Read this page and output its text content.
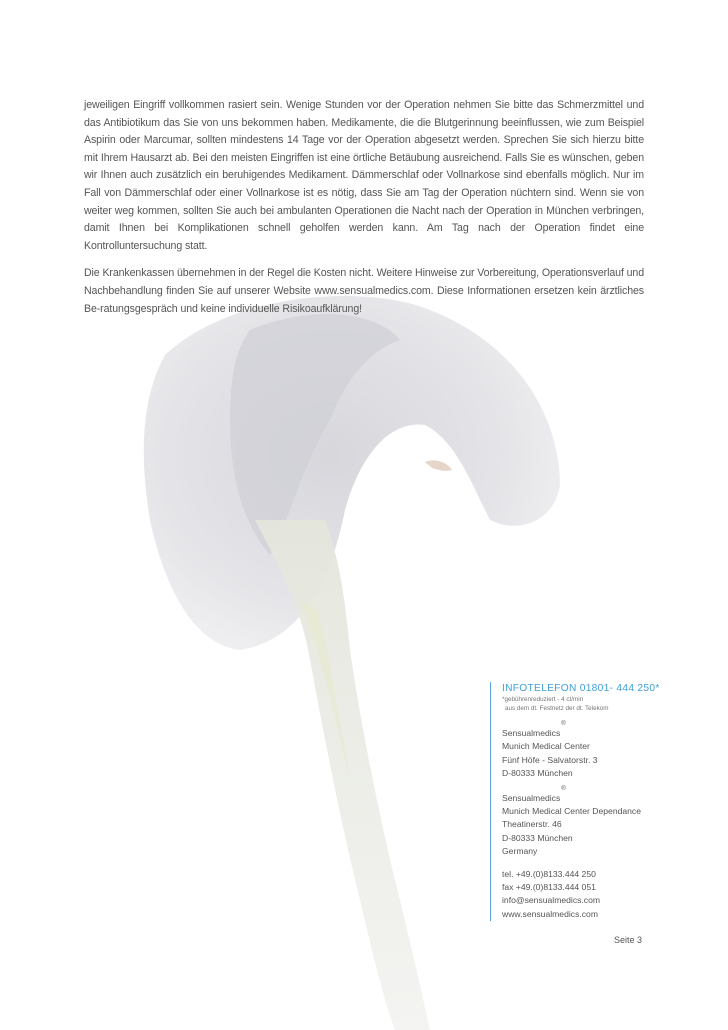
jeweiligen Eingriff vollkommen rasiert sein. Wenige Stunden vor der Operation nehmen Sie bitte das Schmerzmittel und das Antibiotikum das Sie von uns bekommen haben. Medikamente, die die Blutgerinnung beeinflussen, wie zum Beispiel Aspirin oder Marcumar, sollten mindestens 14 Tage vor der Operation abgesetzt werden. Sprechen Sie sich hierzu bitte mit Ihrem Hausarzt ab. Bei den meisten Eingriffen ist eine örtliche Betäubung ausreichend. Falls Sie es wünschen, geben wir Ihnen auch zusätzlich ein beruhigendes Medikament. Dämmerschlaf oder Vollnarkose sind ebenfalls möglich. Nur im Fall von Dämmerschlaf oder einer Vollnarkose ist es nötig, dass Sie am Tag der Operation nüchtern sind. Wenn sie von weiter weg kommen, sollten Sie auch bei ambulanten Operationen die Nacht nach der Operation in München verbringen, damit Ihnen bei Komplikationen schnell geholfen werden kann. Am Tag nach der Operation findet eine Kontrolluntersuchung statt.

Die Krankenkassen übernehmen in der Regel die Kosten nicht. Weitere Hinweise zur Vorbereitung, Operationsverlauf und Nachbehandlung finden Sie auf unserer Website www.sensualmedics.com. Diese Informationen ersetzen kein ärztliches Be-ratungsgespräch und keine individuelle Risikoaufklärung!

INFOTELEFON 01801- 444 250*
*gebührenreduziert - 4 ct/min
aus dem dt. Festnetz der dt. Telekom
Sensualmedics®
Munich Medical Center
Fünf Höfe - Salvatorstr. 3
D-80333 München
Sensualmedics®
Munich Medical Center Dependance
Theatinerstr. 46
D-80333 München
Germany
tel. +49.(0)8133.444 250
fax +49.(0)8133.444 051
info@sensualmedics.com
www.sensualmedics.com
Seite 3
